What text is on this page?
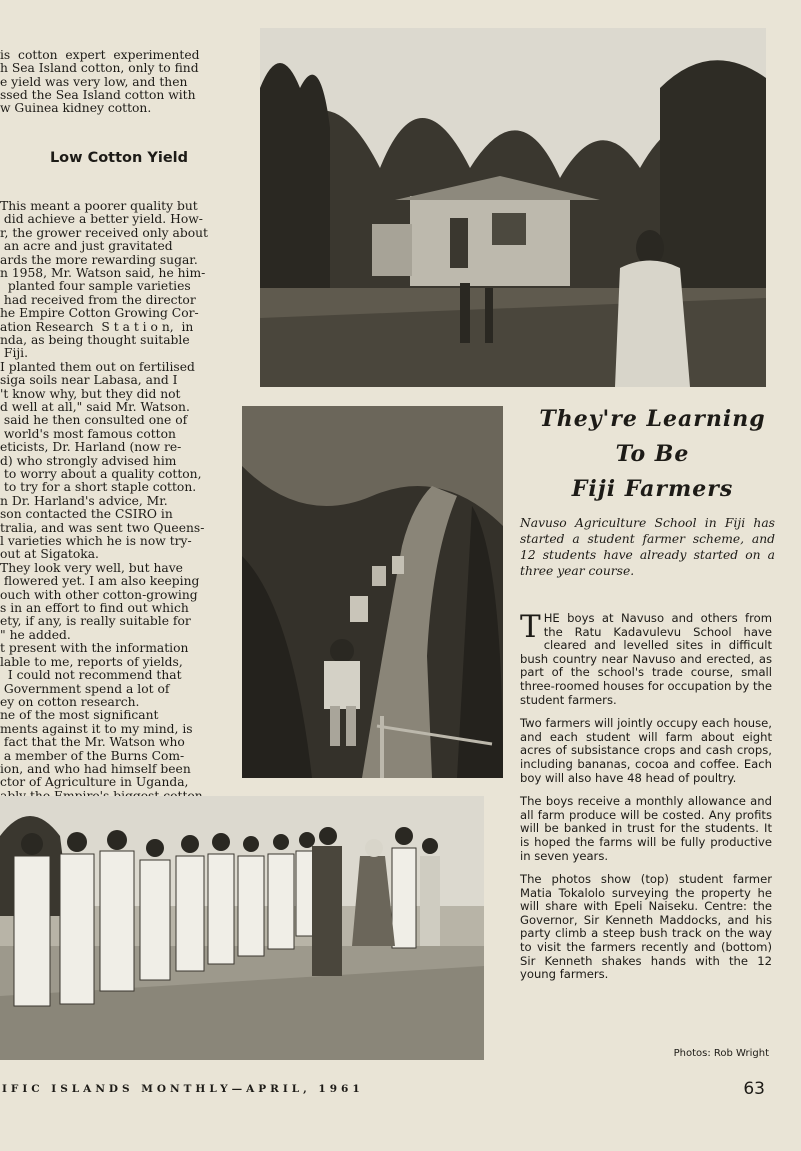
is  cotton  expert  experimented
h Sea Island cotton, only to find
e yield was very low, and then
ssed the Sea Island cotton with
w Guinea kidney cotton.

Low Cotton Yield

This meant a poorer quality but
did achieve a better yield. How-
r, the grower received only about
an acre and just gravitated
ards the more rewarding sugar.
n 1958, Mr. Watson said, he him-
planted four sample varieties
had received from the director
he Empire Cotton Growing Cor-
ation Research  S t a t i o n,  in
nda, as being thought suitable
Fiji.
I planted them out on fertilised
siga soils near Labasa, and I
't know why, but they did not
d well at all," said Mr. Watson.
said he then consulted one of
world's most famous cotton
eticists, Dr. Harland (now re-
d) who strongly advised him
to worry about a quality cotton,
to try for a short staple cotton.
n Dr. Harland's advice, Mr.
son contacted the CSIRO in
tralia, and was sent two Queens-
l varieties which he is now try-
out at Sigatoka.
They look very well, but have
flowered yet. I am also keeping
ouch with other cotton-growing
s in an effort to find out which
ety, if any, is really suitable for
" he added.
t present with the information
lable to me, reports of yields,
I could not recommend that
Government spend a lot of
ey on cotton research.
ne of the most significant
ments against it to my mind, is
fact that the Mr. Watson who
a member of the Burns Com-
ion, and who had himself been
ctor of Agriculture in Uganda,

They're Learning
To Be
Fiji Farmers
Navuso Agriculture School in Fiji has started a student farmer scheme, and 12 students have already started on a three year course.

THE boys at Navuso and others from the Ratu Kadavulevu School have cleared and levelled sites in difficult bush country near Navuso and erected, as part of the school's trade course, small three-roomed houses for occupation by the student farmers.

Two farmers will jointly occupy each house, and each student will farm about eight acres of subsistance crops and cash crops, including bananas, cocoa and coffee. Each boy will also have 48 head of poultry.

The boys receive a monthly allowance and all farm produce will be costed. Any profits will be banked in trust for the students. It is hoped the farms will be fully productive in seven years.

The photos show (top) student farmer Matia Tokalolo surveying the property he will share with Epeli Naiseku. Centre: the Governor, Sir Kenneth Maddocks, and his party climb a steep bush track on the way to visit the farmers recently and (bottom) Sir Kenneth shakes hands with the 12 young farmers.

Photos: Rob Wright
IFIC ISLANDS MONTHLY—APRIL, 1961	63
